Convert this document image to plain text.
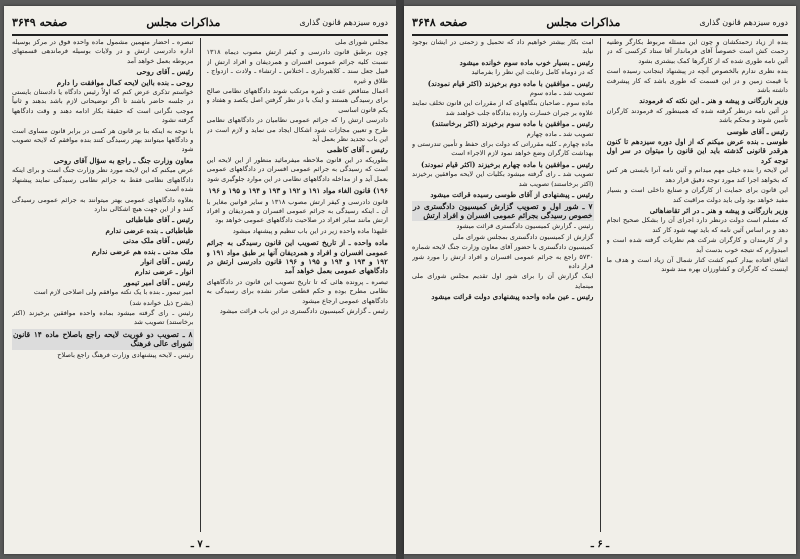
دوره سیزدهم قانون گذاری
مذاکرات مجلس
صفحه ۳۶۴۹

مجلس شورای ملی

چون برطبق قانون دادرسی و کیفر ارتش مصوب دیماه ۱۳۱۸ نسبت کلیه جرائم عمومی افسران و همردیفان و افراد ارتش از قبیل جعل سند ـ کلاهبرداری ـ اختلاس ـ ارتشاء ـ ولادت ـ ازدواج ـ طلاق و غیره

اعمال متناقض عفت و غیره مرتکب شوند دادگاههای نظامی صالح برای رسیدگی هستند و اینک با در نظر گرفتن اصل یکصد و هفتاد و یکم قانون اساسی

دادرسی ارتش را که جرائم عمومی نظامیان در دادگاههای نظامی طرح و تعیین مجازات شود اشکال ایجاد می نماید و لازم است در این باب تجدید نظر بعمل آید

رئیس ـ آقای کاظمی

بطوریکه در این قانون ملاحظه میفرمائید منظور از این لایحه این است که رسیدگی به جرائم عمومی افسران در دادگاههای عمومی بعمل آید و از مداخله دادگاههای نظامی در این موارد جلوگیری شود

۱۹۶) قانون الغاء مواد ۱۹۱ و ۱۹۲ و ۱۹۳ و ۱۹۴ و ۱۹۵ و ۱۹۶

قانون دادرسی و کیفر ارتش مصوب ۱۳۱۸ و سایر قوانین مغایر با آن ـ اینکه رسیدگی به جرائم عمومی افسران و همردیفان و افراد ارتش مانند سایر افراد در صلاحیت دادگاههای عمومی خواهد بود

علیهذا ماده واحده زیر در این باب تنظیم و پیشنهاد میشود

ماده واحده ـ از تاریخ تصویب این قانون رسیدگی به جرائم عمومی افسران و افراد و همردیفان آنها بر طبق مواد ۱۹۱ و ۱۹۲ و ۱۹۳ و ۱۹۴ و ۱۹۵ و ۱۹۶ قانون دادرسی ارتش در دادگاههای عمومی بعمل خواهد آمد

تبصره ـ پرونده هائی که تا تاریخ تصویب این قانون در دادگاههای نظامی مطرح بوده و حکم قطعی صادر نشده برای رسیدگی به دادگاههای عمومی ارجاع میشود

رئیس ـ گزارش کمیسیون دادگستری در این باب قرائت میشود

تبصره ـ احضار متهمین مشمول ماده واحده فوق در مرکز بوسیله اداره دادرسی ارتش و در ولایات بوسیله فرماندهی قسمتهای مربوطه بعمل خواهد آمد

رئیس ـ آقای روحی

روحی ـ بنده بااین لایحه کمال موافقت را دارم

خواستم تذکری عرض کنم که اولاً رئیس دادگاه یا دادستان بایستی در جلسه حاضر باشند تا اگر توضیحاتی لازم باشد بدهند و ثانیاً موجب نگرانی است که حقیقة بکار ادامه دهند و وقت دادگاهها گرفته نشود

با توجه به اینکه بنا بر قانون هر کسی در برابر قانون مساوی است و دادگاهها میتوانند بهتر رسیدگی کنند بنده موافقم که لایحه تصویب شود

معاون وزارت جنگ ـ راجع به سؤال آقای روحی

عرض میکنم که این لایحه مورد نظر وزارت جنگ است و برای اینکه دادگاههای نظامی فقط به جرائم نظامی رسیدگی نمایند پیشنهاد شده است

بعلاوه دادگاههای عمومی بهتر میتوانند به جرائم عمومی رسیدگی کنند و از این جهت هیچ اشکالی ندارد

رئیس ـ آقای طباطبائی

طباطبائی ـ بنده عرضی ندارم

رئیس ـ آقای ملک مدنی

ملک مدنی ـ بنده هم عرضی ندارم

رئیس ـ آقای انوار

انوار ـ عرضی ندارم

رئیس ـ آقای امیر تیمور

امیر تیمور ـ بنده با یک نکته موافقم ولی اصلاحی لازم است

(بشرح ذیل خوانده شد)

رئیس ـ رای گرفته میشود بماده واحده موافقین برخیزند (اکثر برخاستند) تصویب شد

۸ ـ تصویب دو فوریت لایحه راجع باصلاح ماده ۱۴ قانون شورای عالی فرهنگ

رئیس ـ لایحه پیشنهادی وزارت فرهنگ راجع باصلاح

ـ ۷ ـ
دوره سیزدهم قانون گذاری
مذاکرات مجلس
صفحه ۳۶۴۸

بنده از زیاد زحمتکشان و چون این مسئله مربوط بکارگر وطنیه زحمت کش است خصوصاً آقای فرماندار آقا ستاد کرکسی که در آئین نامه طوری شده که از کارگرها کمک بیشتری بشود

بنده نظری ندارم بالخصوص آنچه در پیشنهاد اینجانب رسیده است با قیمت زمین و در این قسمت که طوری باشد که کار پیشرفت داشته باشد

وزیر بازرگانی و پیشه و هنر ـ این نکته که فرمودند

در آئین نامه درنظر گرفته شده که همینطور که فرمودند کارگران تأمین شوند و محکم باشد

رئیس ـ آقای طوسی

طوسی ـ بنده عرض میکنم که از اول دوره سیزدهم تا کنون هرقدر قانونی گذشته باید این قانون را میتوان در سر اول توجه کرد

این لایحه را بنده خیلی مهم میدانم و آئین نامه آنرا بایستی هر کس که بخواهد اجرا کند مورد توجه دقیق قرار دهد

این قانون برای حمایت از کارگران و صنایع داخلی است و بسیار مفید خواهد بود ولی باید دولت مراقبت کند

وزیر بازرگانی و پیشه و هنر ـ در اثر تقاضاهائی

که مسلم است دولت درنظر دارد اجرای آن را بشکل صحیح انجام دهد و بر اساس آئین نامه که باید تهیه شود کار کند

و از کارمندان و کارگران شرکت هم نظریات گرفته شده است و امیدوارم که نتیجه خوب بدست آید

اتفاق افتاده بیدار کنیم کشت کنار شمال آن زیاد است و هدف ما اینست که کارگران و کشاورزان بهره مند شوند

امت بکار بیشتر خواهیم داد که تحمیل و زحمتی در ایشان بوجود نیاید

رئیس ـ بسیار خوب ماده سوم خوانده میشود

که در دوماه کامل رعایت این نظر را بفرمائید

رئیس ـ موافقین با ماده دوم برخیزند (اکثر قیام نمودند)

تصویب شد ـ ماده سوم

ماده سوم ـ صاحبان بنگاههای که از مقررات این قانون تخلف نمایند علاوه بر جبران خسارت وارده بدادگاه جلب خواهند شد

رئیس ـ موافقین با ماده سوم برخیزند (اکثر برخاستند)

تصویب شد ـ ماده چهارم

ماده چهارم ـ کلیه مقرراتی که دولت برای حفظ و تأمین تندرستی و بهداشت کارگران وضع خواهد نمود لازم الاجراء است

رئیس ـ موافقین با ماده چهارم برخیزند (اکثر قیام نمودند)

تصویب شد ـ رای گرفته میشود بکلیات این لایحه موافقین برخیزند (اکثر برخاستند) تصویب شد

رئیس ـ پیشنهادی از آقای طوسی رسیده قرائت میشود

۷ ـ شور اول و تصویب گزارش کمیسیون دادگستری در خصوص رسیدگی بجرائم عمومی افسران و افراد ارتش

رئیس ـ گزارش کمیسیون دادگستری قرائت میشود

گزارش از کمیسیون دادگستری بمجلس شورای ملی

کمیسیون دادگستری با حضور آقای معاون وزارت جنگ لایحه شماره ۵۷۳۰ راجع به جرائم عمومی افسران و افراد ارتش را مورد شور قرار داده

اینک گزارش آن را برای شور اول تقدیم مجلس شورای ملی مینماید

رئیس ـ عین ماده واحده پیشنهادی دولت قرائت میشود

ـ ۶ ـ
